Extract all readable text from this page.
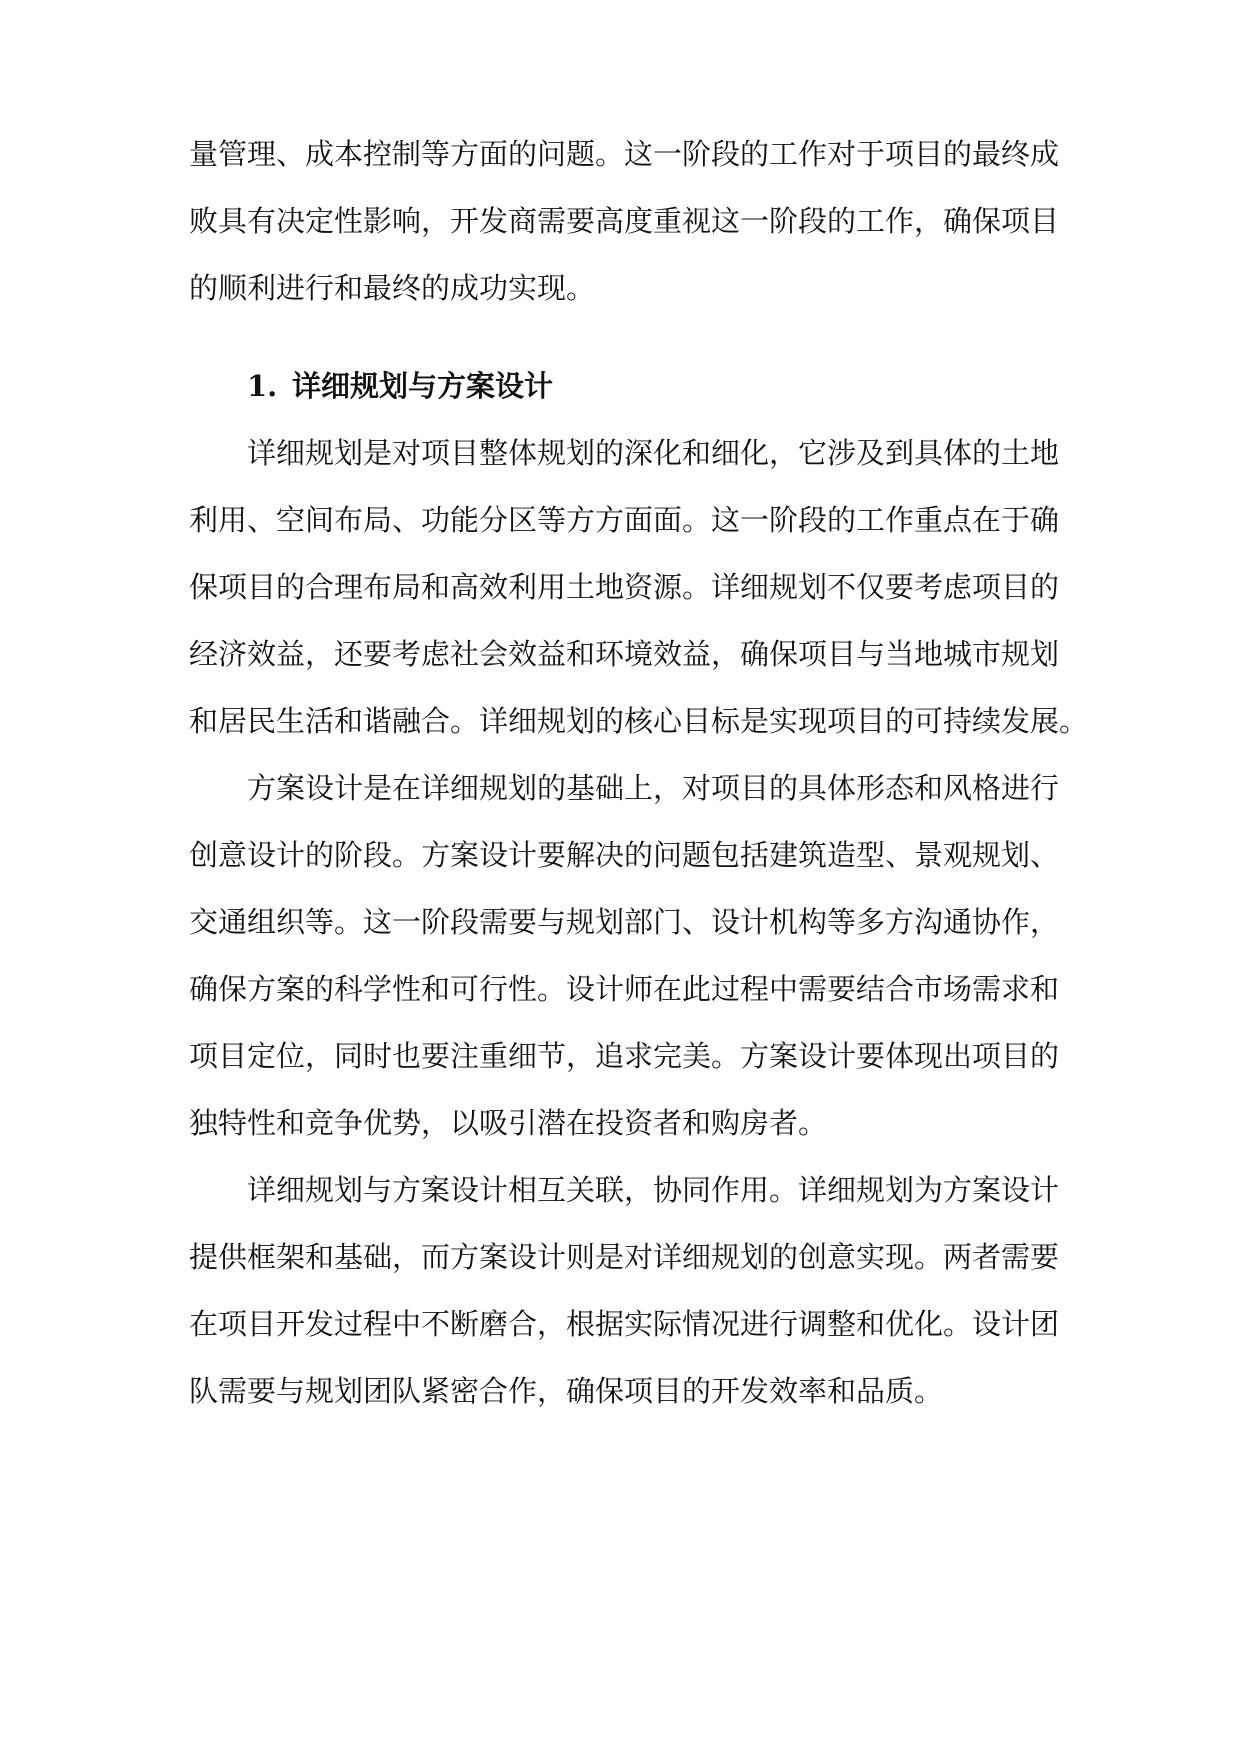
量管理、成本控制等方面的问题。这一阶段的工作对于项目的最终成
败具有决定性影响，开发商需要高度重视这一阶段的工作，确保项目
的顺利进行和最终的成功实现。
1. 详细规划与方案设计
详细规划是对项目整体规划的深化和细化，它涉及到具体的土地
利用、空间布局、功能分区等方方面面。这一阶段的工作重点在于确
保项目的合理布局和高效利用土地资源。详细规划不仅要考虑项目的
经济效益，还要考虑社会效益和环境效益，确保项目与当地城市规划
和居民生活和谐融合。详细规划的核心目标是实现项目的可持续发展。
方案设计是在详细规划的基础上，对项目的具体形态和风格进行
创意设计的阶段。方案设计要解决的问题包括建筑造型、景观规划、
交通组织等。这一阶段需要与规划部门、设计机构等多方沟通协作，
确保方案的科学性和可行性。设计师在此过程中需要结合市场需求和
项目定位，同时也要注重细节，追求完美。方案设计要体现出项目的
独特性和竞争优势，以吸引潜在投资者和购房者。
详细规划与方案设计相互关联，协同作用。详细规划为方案设计
提供框架和基础，而方案设计则是对详细规划的创意实现。两者需要
在项目开发过程中不断磨合，根据实际情况进行调整和优化。设计团
队需要与规划团队紧密合作，确保项目的开发效率和品质。
